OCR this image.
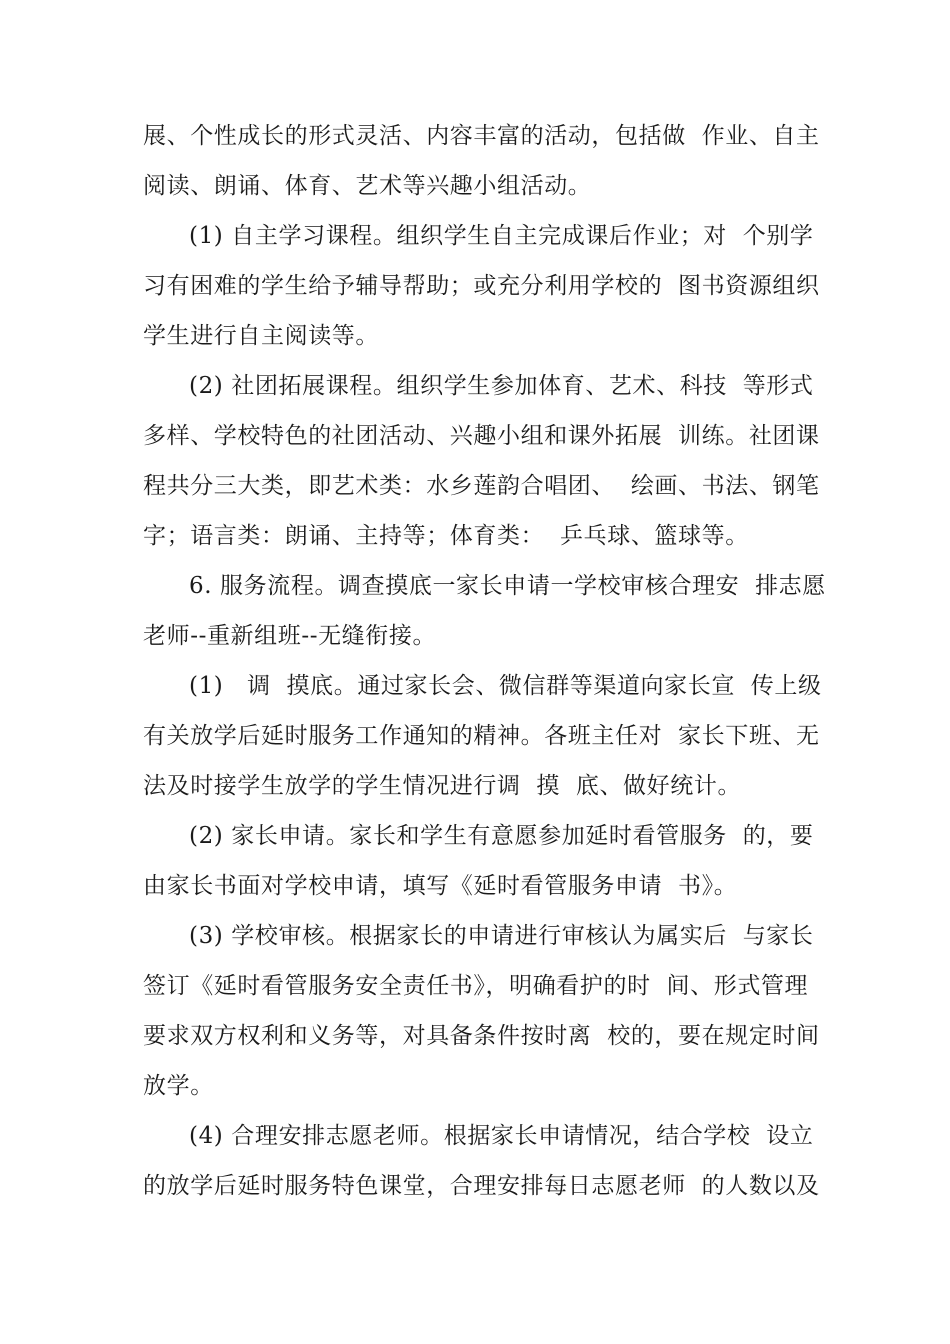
展、个性成长的形式灵活、内容丰富的活动，包括做  作业、自主
阅读、朗诵、体育、艺术等兴趣小组活动。
(1) 自主学习课程。组织学生自主完成课后作业；对  个别学
习有困难的学生给予辅导帮助；或充分利用学校的  图书资源组织
学生进行自主阅读等。
(2) 社团拓展课程。组织学生参加体育、艺术、科技  等形式
多样、学校特色的社团活动、兴趣小组和课外拓展  训练。社团课
程共分三大类，即艺术类：水乡莲韵合唱团、  绘画、书法、钢笔
字；语言类：朗诵、主持等；体育类：  乒乓球、篮球等。
6. 服务流程。调查摸底一家长申请一学校审核合理安  排志愿
老师--重新组班--无缝衔接。
(1)   调  摸底。通过家长会、微信群等渠道向家长宣  传上级
有关放学后延时服务工作通知的精神。各班主任对  家长下班、无
法及时接学生放学的学生情况进行调  摸  底、做好统计。
(2) 家长申请。家长和学生有意愿参加延时看管服务  的，要
由家长书面对学校申请，填写《延时看管服务申请  书》。
(3) 学校审核。根据家长的申请进行审核认为属实后  与家长
签订《延时看管服务安全责任书》，明确看护的时  间、形式管理
要求双方权利和义务等，对具备条件按时离  校的，要在规定时间
放学。
(4) 合理安排志愿老师。根据家长申请情况，结合学校  设立
的放学后延时服务特色课堂，合理安排每日志愿老师  的人数以及
